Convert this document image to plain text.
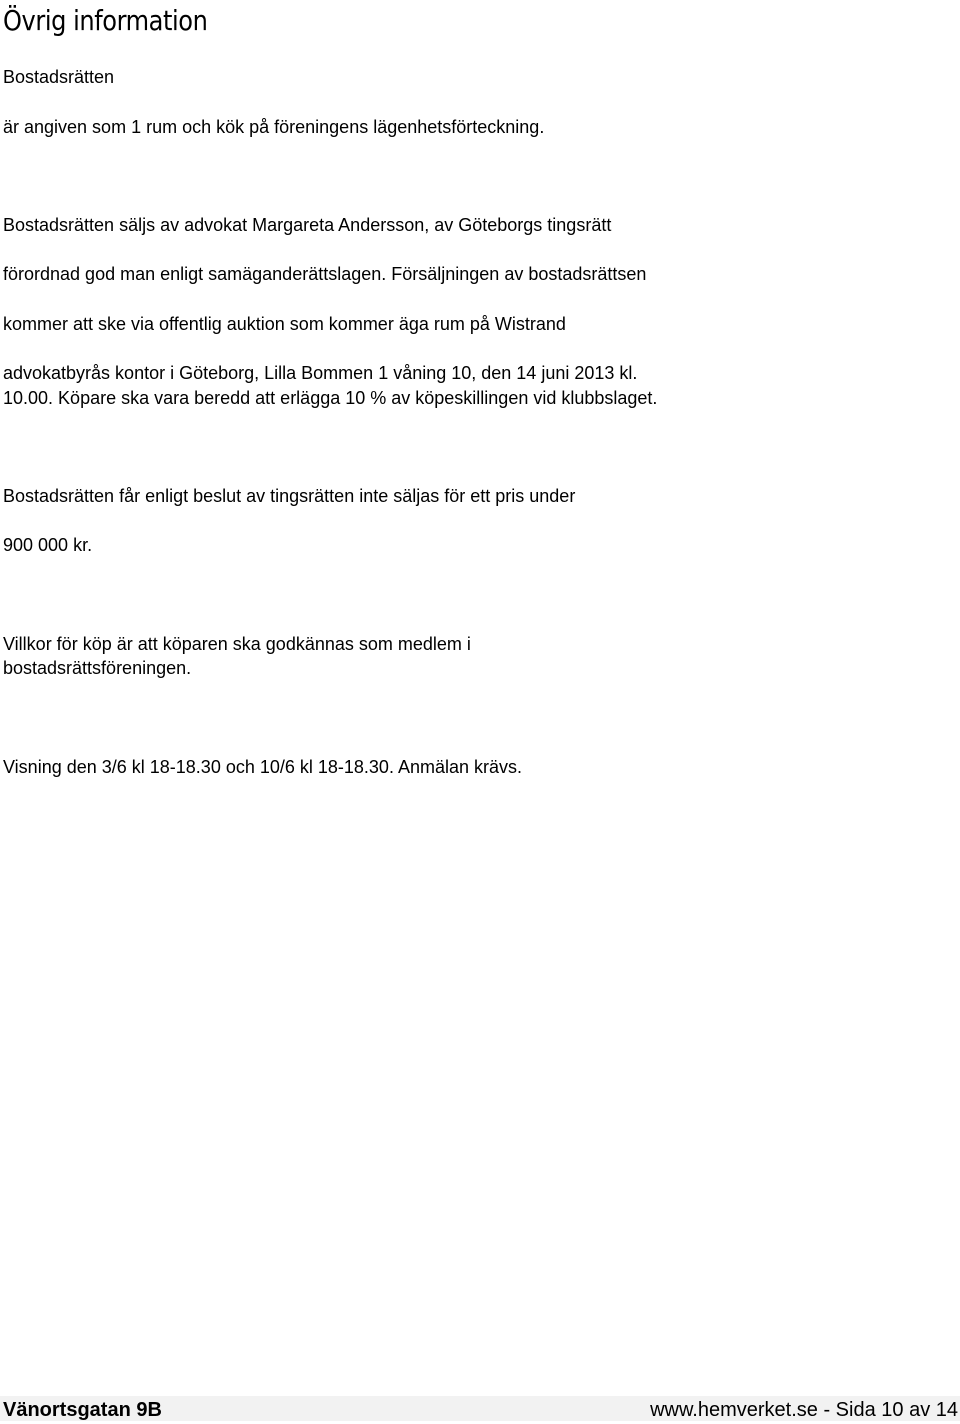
Övrig information

Bostadsrätten

är angiven som 1 rum och kök på föreningens lägenhetsförteckning.

Bostadsrätten säljs av advokat Margareta Andersson, av Göteborgs tingsrätt

förordnad god man enligt samäganderättslagen. Försäljningen av bostadsrättsen

kommer att ske via offentlig auktion som kommer äga rum på Wistrand

advokatbyrås kontor i Göteborg, Lilla Bommen 1 våning 10, den 14 juni 2013 kl.

10.00. Köpare ska vara beredd att erlägga 10 % av köpeskillingen vid klubbslaget.

Bostadsrätten får enligt beslut av tingsrätten inte säljas för ett pris under

900 000 kr.

Villkor för köp är att köparen ska godkännas som medlem i

bostadsrättsföreningen.

Visning den 3/6 kl 18-18.30 och 10/6 kl 18-18.30. Anmälan krävs.

Vänortsgatan 9B	www.hemverket.se - Sida 10 av 14
